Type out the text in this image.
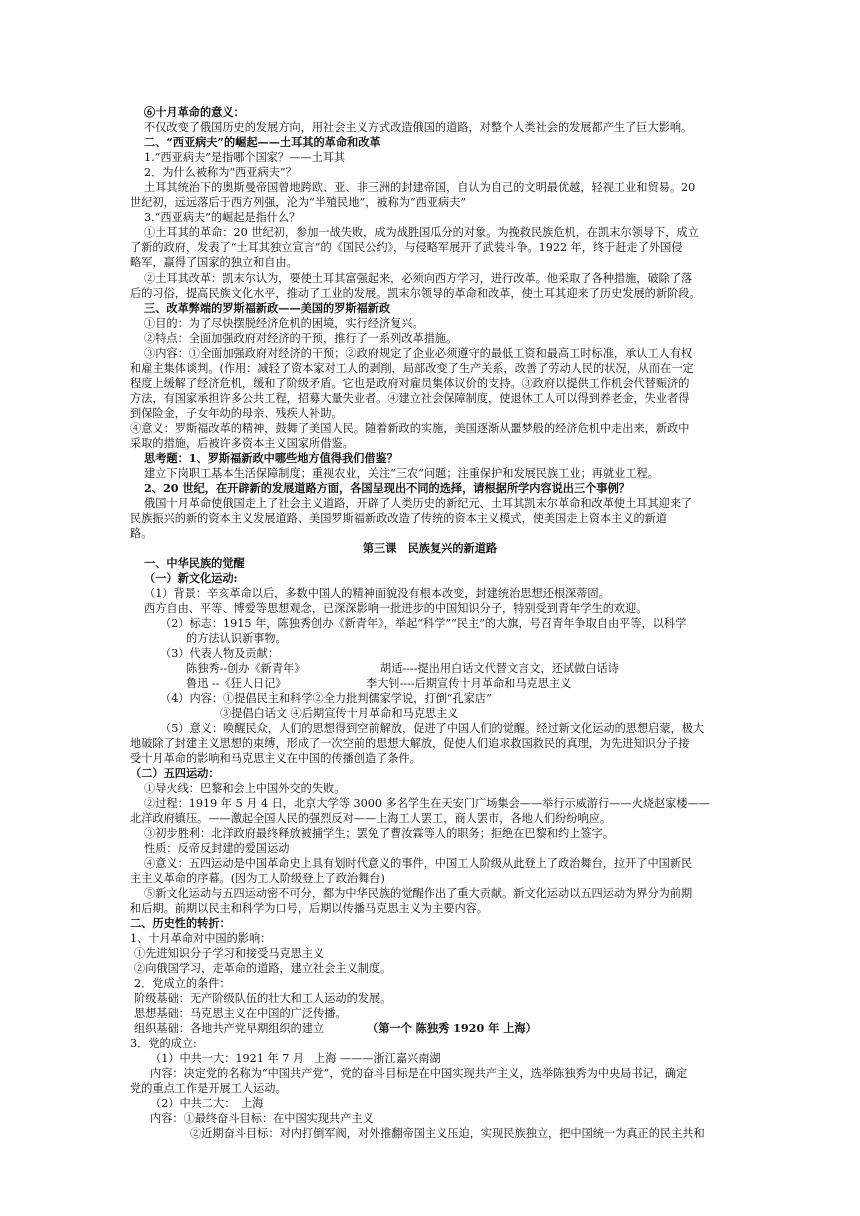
⑥十月革命的意义：
不仅改变了俄国历史的发展方向，用社会主义方式改造俄国的道路，对整个人类社会的发展都产生了巨大影响。
二、“西亚病夫”的崛起——土耳其的革命和改革
1.“西亚病夫”是指哪个国家？——土耳其
2．为什么被称为“西亚病夫”？
土耳其统治下的奥斯曼帝国曾地跨欧、亚、非三洲的封建帝国，自认为自己的文明最优越，轻视工业和贸易。20
世纪初，远远落后于西方列强，沦为“半殖民地”，被称为“西亚病夫”
3.“西亚病夫”的崛起是指什么？
①土耳其的革命：20 世纪初，参加一战失败，成为战胜国瓜分的对象。为挽救民族危机，在凯末尔领导下，成立
了新的政府，发表了“土耳其独立宣言”的《国民公约》，与侵略军展开了武装斗争。1922 年，终于赶走了外国侵
略军，赢得了国家的独立和自由。
②土耳其改革：凯末尔认为，要使土耳其富强起来，必须向西方学习，进行改革。他采取了各种措施，破除了落
后的习俗，提高民族文化水平，推动了工业的发展。凯末尔领导的革命和改革，使土耳其迎来了历史发展的新阶段。
三、改革弊端的罗斯福新政——美国的罗斯福新政
①目的：为了尽快摆脱经济危机的困境，实行经济复兴。
②特点：全面加强政府对经济的干预，推行了一系列改革措施。
③内容：①全面加强政府对经济的干预；②政府规定了企业必须遵守的最低工资和最高工时标准，承认工人有权
和雇主集体谈判。(作用：减轻了资本家对工人的剥削，局部改变了生产关系，改善了劳动人民的状况，从而在一定
程度上缓解了经济危机，缓和了阶级矛盾。它也是政府对雇员集体议价的支持。③政府以提供工作机会代替赈济的
方法，有国家承担许多公共工程，招募大量失业者。④建立社会保障制度，使退休工人可以得到养老金，失业者得
到保险金，子女年幼的母亲、残疾人补助。
④意义：罗斯福改革的精神，鼓舞了美国人民。随着新政的实施，美国逐渐从噩梦般的经济危机中走出来，新政中
采取的措施，后被许多资本主义国家所借鉴。
思考题：1、罗斯福新政中哪些地方值得我们借鉴？
建立下岗职工基本生活保障制度；重视农业，关注“三农”问题；注重保护和发展民族工业；再就业工程。
2、20 世纪，在开辟新的发展道路方面，各国呈现出不同的选择，请根据所学内容说出三个事例？
俄国十月革命使俄国走上了社会主义道路，开辟了人类历史的新纪元、土耳其凯末尔革命和改革使土耳其迎来了
民族振兴的新的资本主义发展道路、美国罗斯福新政改造了传统的资本主义模式，使美国走上资本主义的新道
路。
第三课　民族复兴的新道路
一、中华民族的觉醒
（一）新文化运动:
（1）背景：辛亥革命以后，多数中国人的精神面貌没有根本改变，封建统治思想还根深蒂固。
西方自由、平等、博爱等思想观念，已深深影响一批进步的中国知识分子，特别受到青年学生的欢迎。
（2）标志：1915 年，陈独秀创办《新青年》，举起“科学”“民主”的大旗，号召青年争取自由平等，以科学
的方法认识新事物。
（3）代表人物及贡献：
陈独秀--创办《新青年》	胡适----提出用白话文代替文言文，还试做白话诗
鲁迅 --《狂人日记》	李大钊----后期宣传十月革命和马克思主义
（4）内容：①提倡民主和科学②全力批判儒家学说，打倒“孔家店”
③提倡白话文 ④后期宣传十月革命和马克思主义
（5）意义：唤醒民众，人们的思想得到空前解放，促进了中国人们的觉醒。经过新文化运动的思想启蒙，极大
地破除了封建主义思想的束缚，形成了一次空前的思想大解放，促使人们追求救国救民的真理，为先进知识分子接
受十月革命的影响和马克思主义在中国的传播创造了条件。
（二）五四运动：
①导火线：巴黎和会上中国外交的失败。
②过程：1919 年 5 月 4 日，北京大学等 3000 多名学生在天安门广场集会——举行示威游行——火烧赵家楼——
北洋政府镇压。——激起全国人民的强烈反对——上海工人罢工，商人罢市，各地人们纷纷响应。
③初步胜利：北洋政府最终释放被捕学生；罢免了曹汝霖等人的职务；拒绝在巴黎和约上签字。
性质：反帝反封建的爱国运动
④意义：五四运动是中国革命史上具有划时代意义的事件，中国工人阶级从此登上了政治舞台，拉开了中国新民
主主义革命的序幕。(因为工人阶级登上了政治舞台)
⑤新文化运动与五四运动密不可分，都为中华民族的觉醒作出了重大贡献。新文化运动以五四运动为界分为前期
和后期。前期以民主和科学为口号，后期以传播马克思主义为主要内容。
二、历史性的转折：
1、十月革命对中国的影响：
①先进知识分子学习和接受马克思主义
②向俄国学习，走革命的道路，建立社会主义制度。
2．党成立的条件：
阶级基础：无产阶级队伍的壮大和工人运动的发展。
思想基础：马克思主义在中国的广泛传播。
组织基础：各地共产党早期组织的建立	（第一个 陈独秀 1920 年 上海）
3．党的成立:
（1）中共一大：1921 年 7 月 上海 ———浙江嘉兴南湖
内容：决定党的名称为“中国共产党”，党的奋斗目标是在中国实现共产主义，选举陈独秀为中央局书记，确定
党的重点工作是开展工人运动。
（2）中共二大：　上海
内容：①最终奋斗目标：在中国实现共产主义
②近期奋斗目标：对内打倒军阀，对外推翻帝国主义压迫，实现民族独立，把中国统一为真正的民主共和
